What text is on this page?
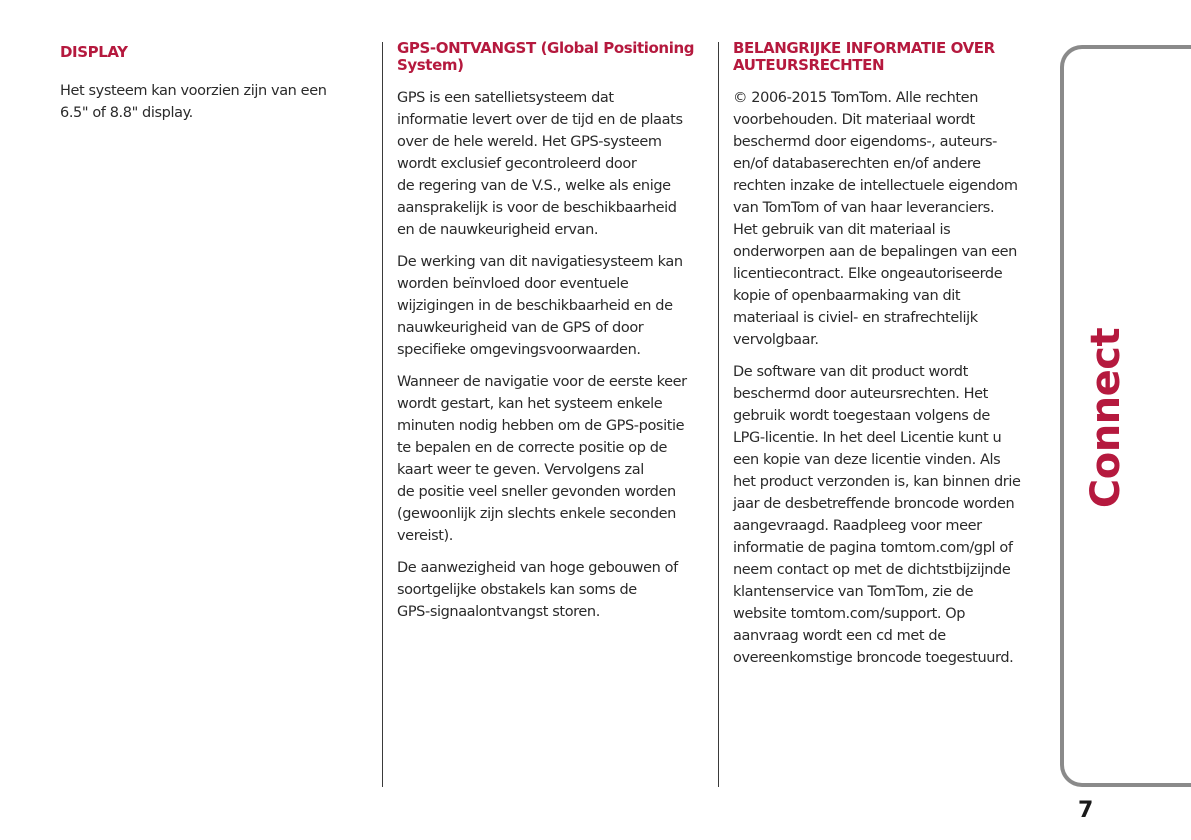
DISPLAY

Het systeem kan voorzien zijn van een
6.5" of 8.8" display.

GPS-ONTVANGST (Global Positioning
System)

GPS is een satellietsysteem dat
informatie levert over de tijd en de plaats
over de hele wereld. Het GPS-systeem
wordt exclusief gecontroleerd door
de regering van de V.S., welke als enige
aansprakelijk is voor de beschikbaarheid
en de nauwkeurigheid ervan.

De werking van dit navigatiesysteem kan
worden beïnvloed door eventuele
wijzigingen in de beschikbaarheid en de
nauwkeurigheid van de GPS of door
specifieke omgevingsvoorwaarden.

Wanneer de navigatie voor de eerste keer
wordt gestart, kan het systeem enkele
minuten nodig hebben om de GPS-positie
te bepalen en de correcte positie op de
kaart weer te geven. Vervolgens zal
de positie veel sneller gevonden worden
(gewoonlijk zijn slechts enkele seconden
vereist).

De aanwezigheid van hoge gebouwen of
soortgelijke obstakels kan soms de
GPS-signaalontvangst storen.

BELANGRIJKE INFORMATIE OVER
AUTEURSRECHTEN

© 2006-2015 TomTom. Alle rechten
voorbehouden. Dit materiaal wordt
beschermd door eigendoms-, auteurs-
en/of databaserechten en/of andere
rechten inzake de intellectuele eigendom
van TomTom of van haar leveranciers.
Het gebruik van dit materiaal is
onderworpen aan de bepalingen van een
licentiecontract. Elke ongeautoriseerde
kopie of openbaarmaking van dit
materiaal is civiel- en strafrechtelijk
vervolgbaar.

De software van dit product wordt
beschermd door auteursrechten. Het
gebruik wordt toegestaan volgens de
LPG-licentie. In het deel Licentie kunt u
een kopie van deze licentie vinden. Als
het product verzonden is, kan binnen drie
jaar de desbetreffende broncode worden
aangevraagd. Raadpleeg voor meer
informatie de pagina tomtom.com/gpl of
neem contact op met de dichtstbijzijnde
klantenservice van TomTom, zie de
website tomtom.com/support. Op
aanvraag wordt een cd met de
overeenkomstige broncode toegestuurd.

Connect
7
